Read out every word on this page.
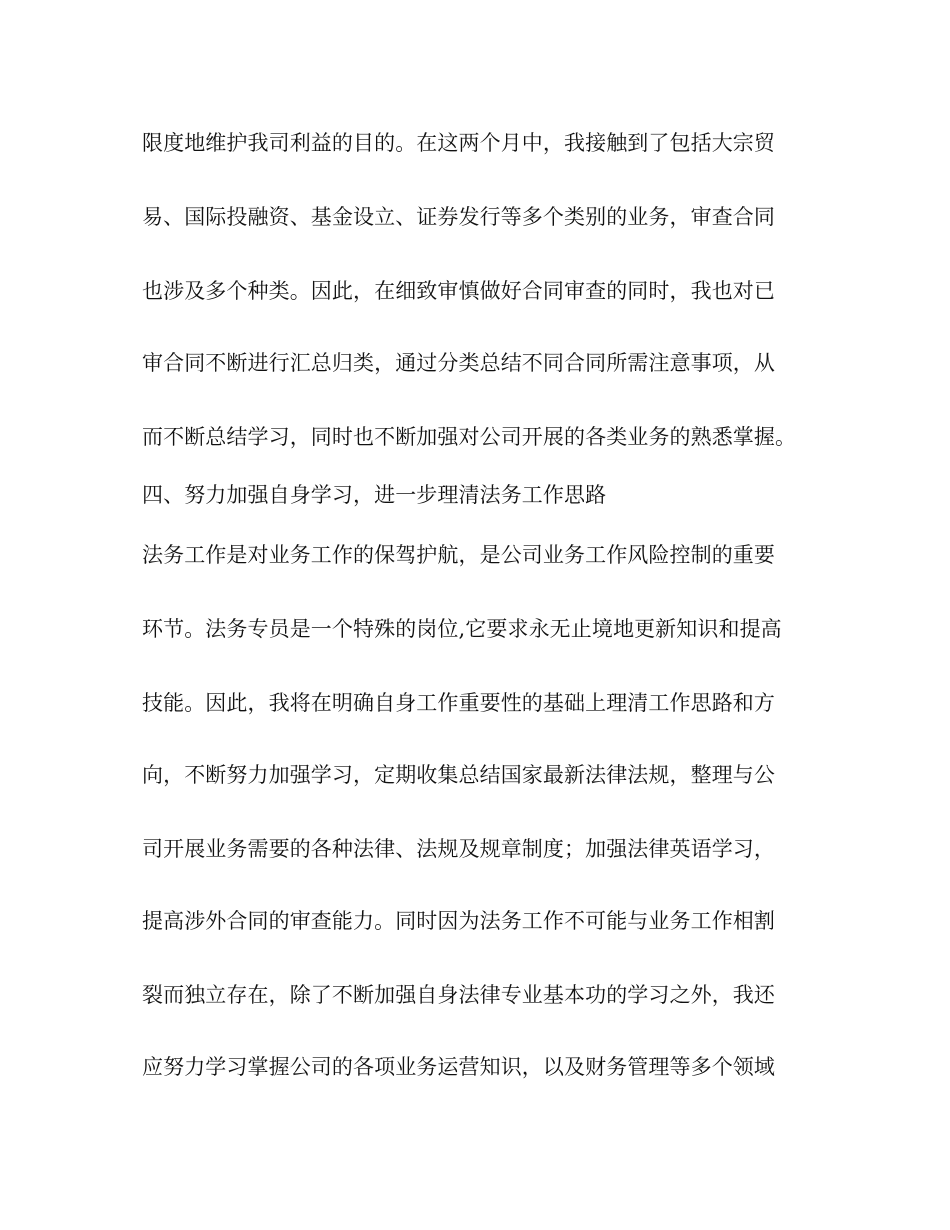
限度地维护我司利益的目的。在这两个月中，我接触到了包括大宗贸
易、国际投融资、基金设立、证券发行等多个类别的业务，审查合同
也涉及多个种类。因此，在细致审慎做好合同审查的同时，我也对已
审合同不断进行汇总归类，通过分类总结不同合同所需注意事项，从
而不断总结学习，同时也不断加强对公司开展的各类业务的熟悉掌握。
四、努力加强自身学习，进一步理清法务工作思路
法务工作是对业务工作的保驾护航，是公司业务工作风险控制的重要
环节。法务专员是一个特殊的岗位,它要求永无止境地更新知识和提高
技能。因此，我将在明确自身工作重要性的基础上理清工作思路和方
向，不断努力加强学习，定期收集总结国家最新法律法规，整理与公
司开展业务需要的各种法律、法规及规章制度；加强法律英语学习，
提高涉外合同的审查能力。同时因为法务工作不可能与业务工作相割
裂而独立存在，除了不断加强自身法律专业基本功的学习之外，我还
应努力学习掌握公司的各项业务运营知识，以及财务管理等多个领域
